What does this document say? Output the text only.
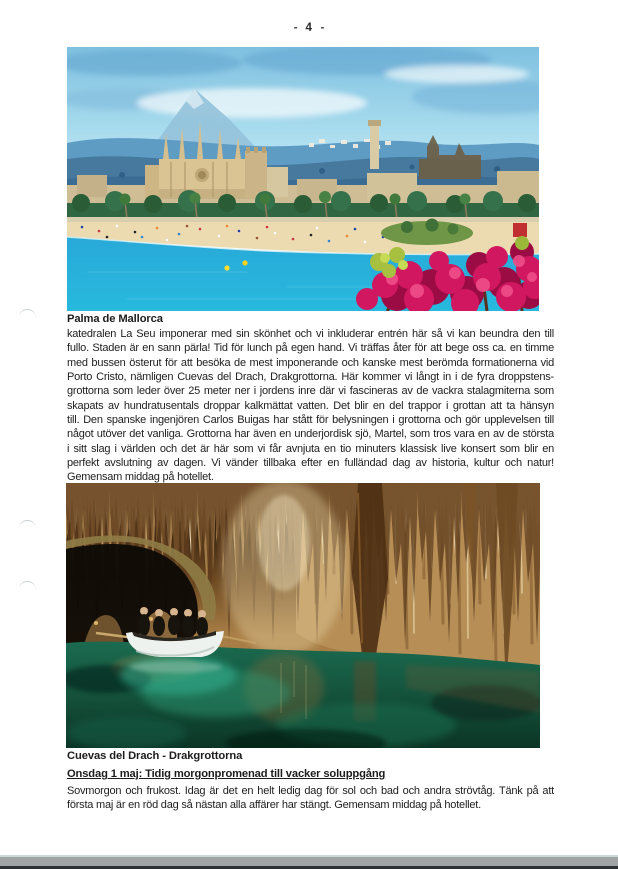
- 4 -
Palma de Mallorca
katedralen La Seu imponerar med sin skönhet och vi inkluderar entrén här så vi kan beundra den till
fullo. Staden är en sann pärla! Tid för lunch på egen hand. Vi träffas åter för att bege oss ca. en timme
med bussen österut för att besöka de mest imponerande och kanske mest berömda formationerna vid
Porto Cristo, nämligen Cuevas del Drach, Drakgrottorna. Här kommer vi långt in i de fyra droppstens-
grottorna som leder över 25 meter ner i jordens inre där vi fascineras av de vackra stalagmiterna som
skapats av hundratusentals droppar kalkmättat vatten. Det blir en del trappor i grottan att ta hänsyn
till. Den spanske ingenjören Carlos Buigas har stått för belysningen i grottorna och gör upplevelsen till
något utöver det vanliga. Grottorna har även en underjordisk sjö, Martel, som tros vara en av de största
i sitt slag i världen och det är här som vi får avnjuta en tio minuters klassisk live konsert som blir en
perfekt avslutning av dagen. Vi vänder tillbaka efter en fulländad dag av historia, kultur och natur!
Gemensam middag på hotellet.
Cuevas del Drach - Drakgrottorna
Onsdag 1 maj: Tidig morgonpromenad till vacker soluppgång
Sovmorgon och frukost. Idag är det en helt ledig dag för sol och bad och andra strövtåg. Tänk på att
första maj är en röd dag så nästan alla affärer har stängt. Gemensam middag på hotellet.
